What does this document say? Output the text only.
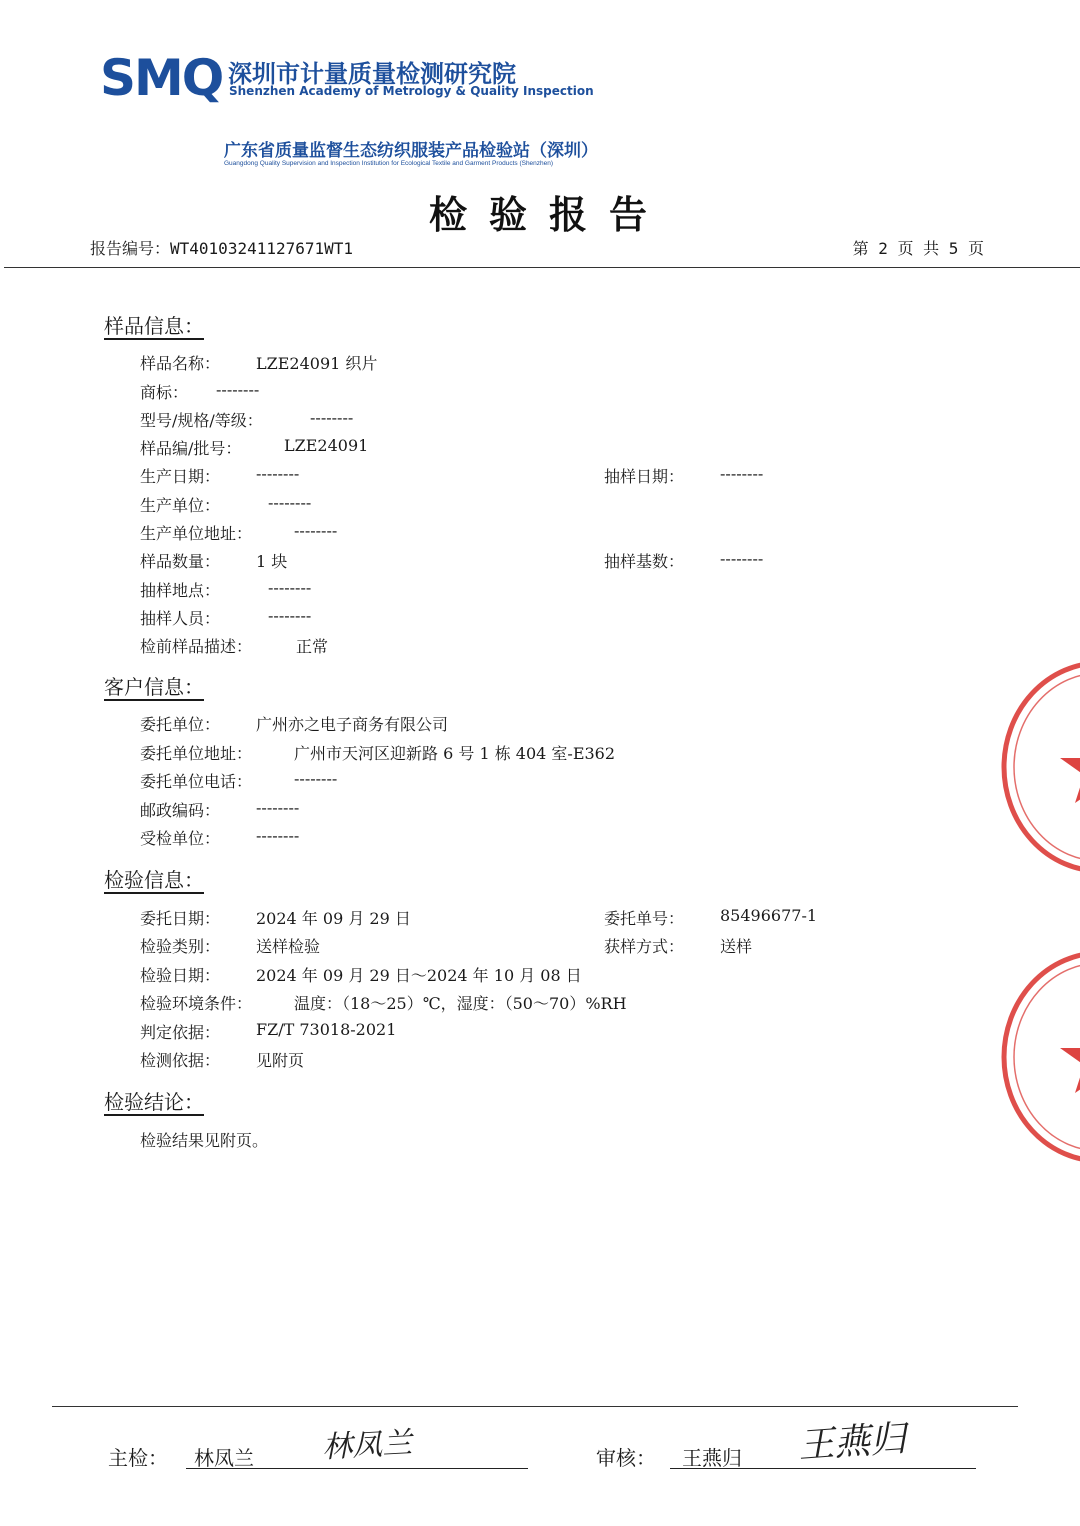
SMQ 深圳市计量质量检测研究院
Shenzhen Academy of Metrology & Quality Inspection
广东省质量监督生态纺织服装产品检验站（深圳）
Guangdong Quality Supervision and Inspection Institution for Ecological Textile and Garment Products (Shenzhen)
检验报告
报告编号：WT40103241127671WT1	第 2 页 共 5 页
样品信息：
样品名称： LZE24091 织片
商标： --------
型号/规格/等级：	--------
样品编/批号：	LZE24091
生产日期： --------	抽样日期： --------
生产单位：	--------
生产单位地址：	--------
样品数量： 1 块	抽样基数： --------
抽样地点：	--------
抽样人员：	--------
检前样品描述：	正常
客户信息：
委托单位： 广州亦之电子商务有限公司
委托单位地址：	广州市天河区迎新路 6 号 1 栋 404 室-E362
委托单位电话：	--------
邮政编码： --------
受检单位： --------
检验信息：
委托日期： 2024 年 09 月 29 日	委托单号： 85496677-1
检验类别： 送样检验	获样方式： 送样
检验日期： 2024 年 09 月 29 日～2024 年 10 月 08 日
检验环境条件：	温度：（18～25）℃，湿度：（50～70）%RH
判定依据： FZ/T 73018-2021
检测依据： 见附页
检验结论：
检验结果见附页。
主检： 林凤兰 林凤兰	审核： 王燕归 王燕归
